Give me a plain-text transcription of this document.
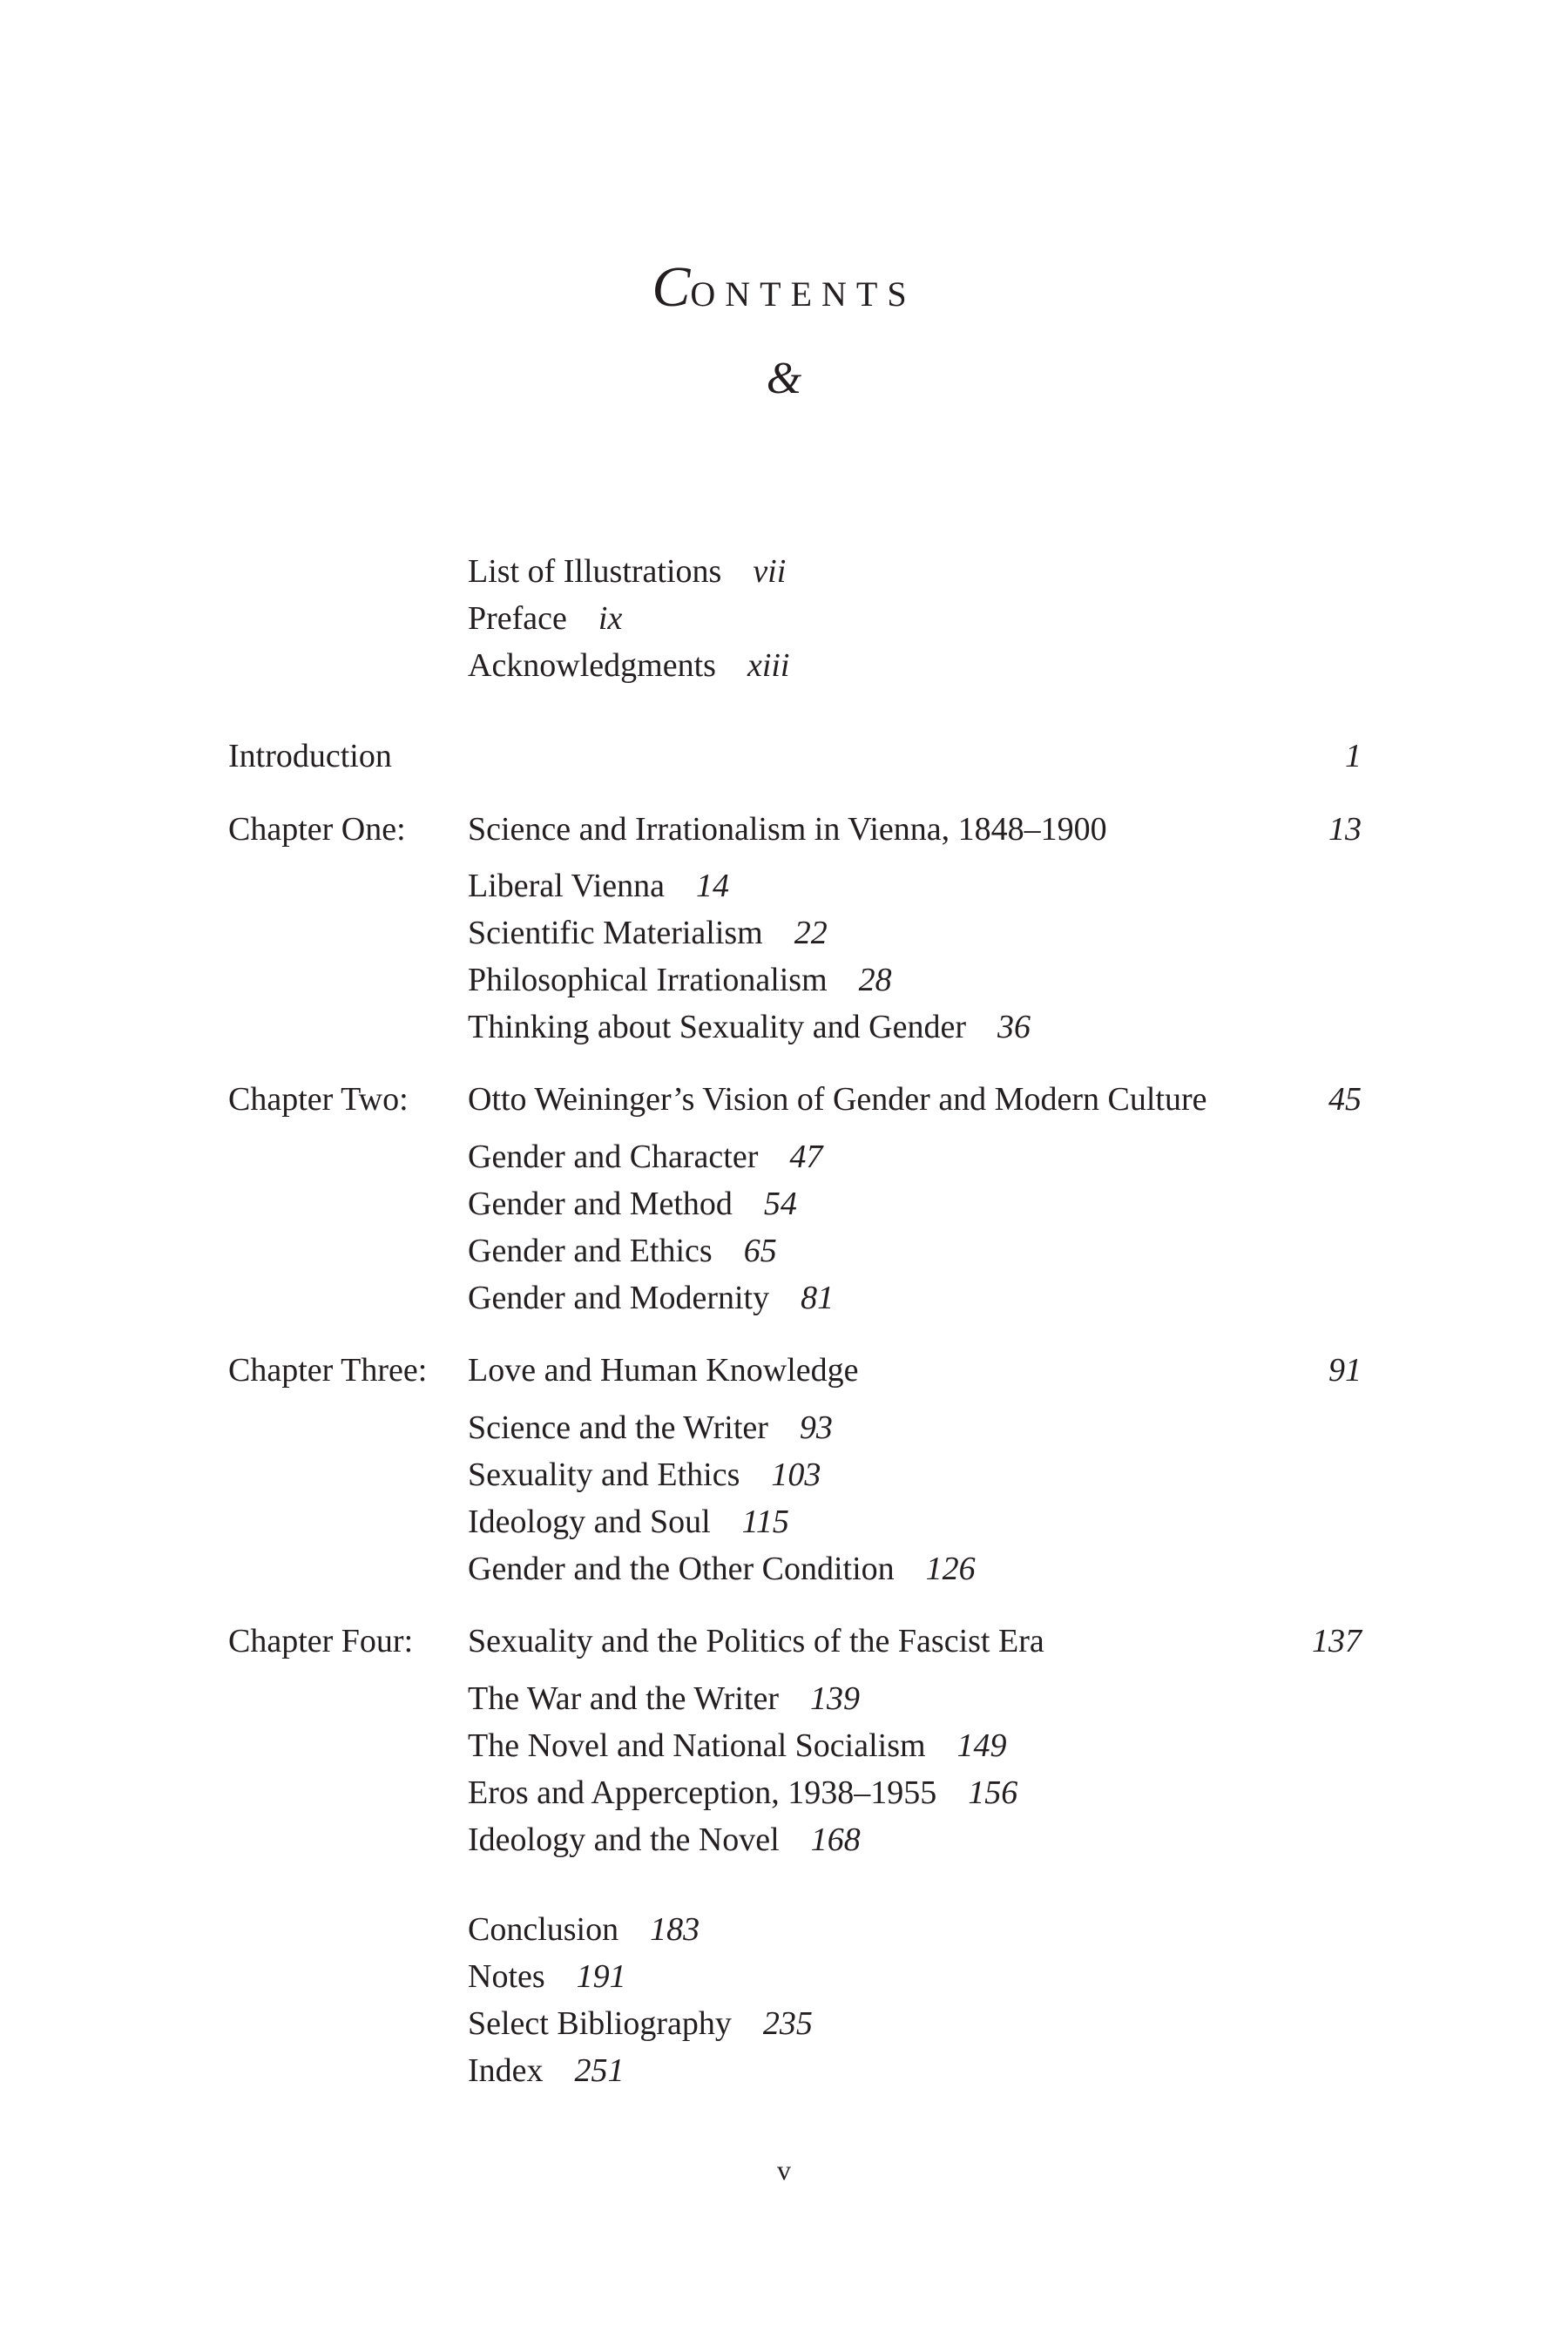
CONTENTS
&
List of Illustrations vii
Preface ix
Acknowledgments xiii
Introduction	1
Chapter One: Science and Irrationalism in Vienna, 1848–1900	13
Liberal Vienna 14
Scientific Materialism 22
Philosophical Irrationalism 28
Thinking about Sexuality and Gender 36
Chapter Two: Otto Weininger’s Vision of Gender and Modern Culture	45
Gender and Character 47
Gender and Method 54
Gender and Ethics 65
Gender and Modernity 81
Chapter Three: Love and Human Knowledge	91
Science and the Writer 93
Sexuality and Ethics 103
Ideology and Soul 115
Gender and the Other Condition 126
Chapter Four: Sexuality and the Politics of the Fascist Era	137
The War and the Writer 139
The Novel and National Socialism 149
Eros and Apperception, 1938–1955 156
Ideology and the Novel 168
Conclusion 183
Notes 191
Select Bibliography 235
Index 251
v
